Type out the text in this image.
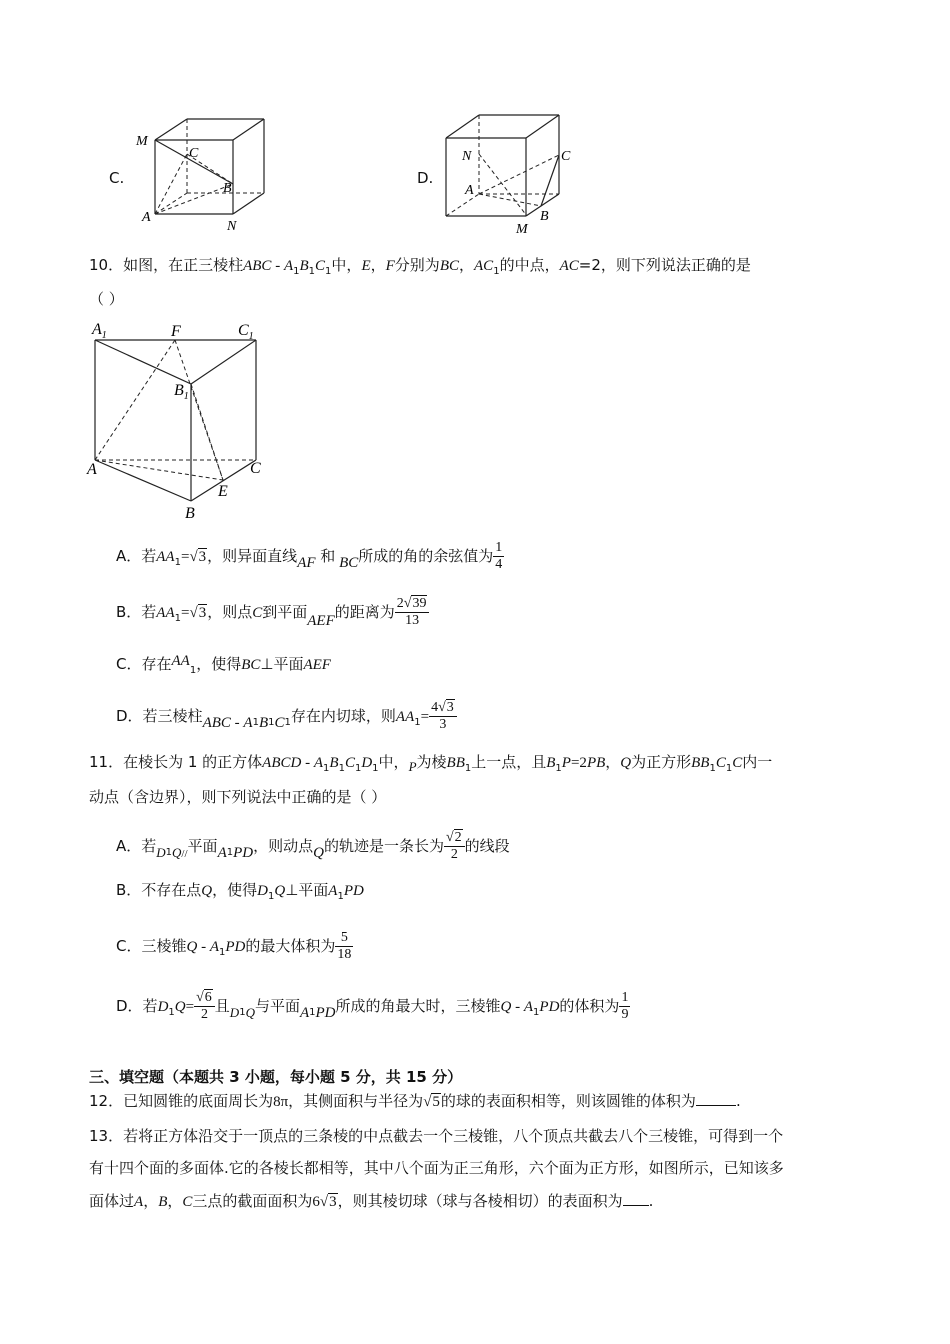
C.
M
C
B
A
N
D.
N	C
A
B
M
10．如图，在正三棱柱ABC - $A_1B_1C_1$中，E，F分别为BC，$AC_1$的中点，AC=2，则下列说法正确的是
（ ）
$A_1$	F	$C_1$
$B_1$
A	C
E
B
A．若$AA_1=√3$，则异面直线AF 和 BC所成的角的余弦值为 $\frac{1}{4}$
B．若$AA_1=√3$，则点C到平面AEF的距离为 $\frac{2√39}{13}$
C．存在$AA_1$，使得BC⊥平面AEF
D．若三棱柱ABC - $A_1B_1C_1$存在内切球，则$AA_1= \frac{4√3}{3}$
11．在棱长为 1 的正方体ABCD - $A_1B_1C_1D_1$中，P为棱$BB_1$上一点，且$B_1P=2PB$，Q为正方形$BB_1C_1C$内一
动点（含边界），则下列说法中正确的是（ ）
A．若$D_1Q_{//}$平面$A_1PD$，则动点Q的轨迹是一条长为 $\frac{√2}{2}$ 的线段
B．不存在点Q，使得$D_1Q\perp$平面$A_1PD$
C．三棱锥Q - $A_1PD$的最大体积为 $\frac{5}{18}$
D．若$D_1Q= \frac{√6}{2}$ 且$D_1Q$与平面$A_1PD$所成的角最大时，三棱锥Q - $A_1PD$的体积为 $\frac{1}{9}$
三、填空题（本题共 3 小题，每小题 5 分，共 15 分）
12．已知圆锥的底面周长为8π，其侧面积与半径为√5的球的表面积相等，则该圆锥的体积为	.
13．若将正方体沿交于一顶点的三条棱的中点截去一个三棱锥，八个顶点共截去八个三棱锥，可得到一个
有十四个面的多面体.它的各棱长都相等，其中八个面为正三角形，六个面为正方形，如图所示，已知该多
面体过A，B，C三点的截面面积为6√3，则其棱切球（球与各棱相切）的表面积为 .
